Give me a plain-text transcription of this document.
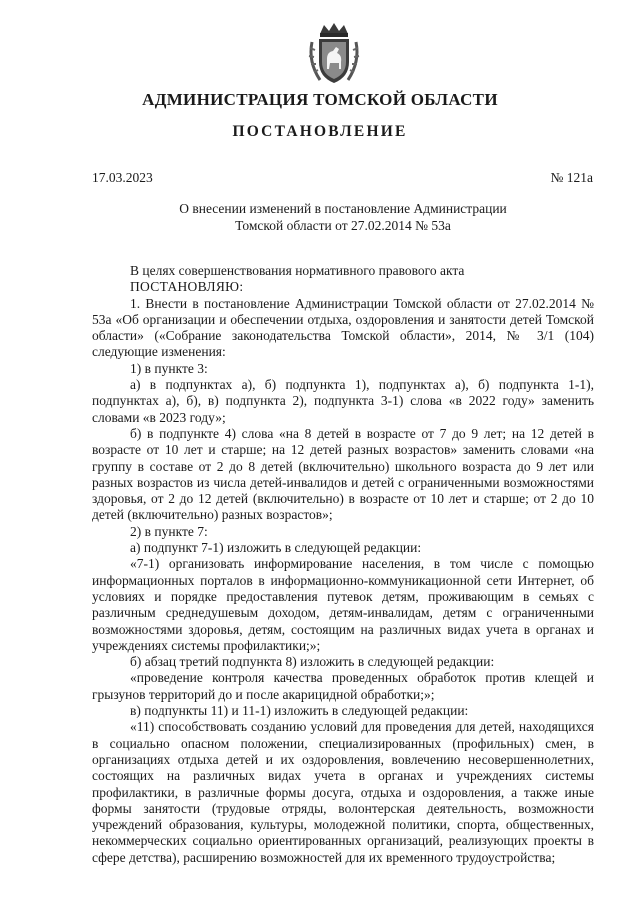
АДМИНИСТРАЦИЯ ТОМСКОЙ ОБЛАСТИ
ПОСТАНОВЛЕНИЕ
17.03.2023	№ 121а
О внесении изменений в постановление Администрации
Томской области от 27.02.2014 № 53а

В целях совершенствования нормативного правового акта

ПОСТАНОВЛЯЮ:

1. Внести в постановление Администрации Томской области от 27.02.2014 № 53а «Об организации и обеспечении отдыха, оздоровления и занятости детей Томской области» («Собрание законодательства Томской области», 2014, № 3/1 (104) следующие изменения:

1) в пункте 3:

а) в подпунктах а), б) подпункта 1), подпунктах а), б) подпункта 1-1), подпунктах а), б), в) подпункта 2), подпункта 3-1) слова «в 2022 году» заменить словами «в 2023 году»;

б) в подпункте 4) слова «на 8 детей в возрасте от 7 до 9 лет; на 12 детей в возрасте от 10 лет и старше; на 12 детей разных возрастов» заменить словами «на группу в составе от 2 до 8 детей (включительно) школьного возраста до 9 лет или разных возрастов из числа детей-инвалидов и детей с ограниченными возможностями здоровья, от 2 до 12 детей (включительно) в возрасте от 10 лет и старше; от 2 до 10 детей (включительно) разных возрастов»;

2) в пункте 7:

а) подпункт 7-1) изложить в следующей редакции:

«7-1) организовать информирование населения, в том числе с помощью информационных порталов в информационно-коммуникационной сети Интернет, об условиях и порядке предоставления путевок детям, проживающим в семьях с различным среднедушевым доходом, детям-инвалидам, детям с ограниченными возможностями здоровья, детям, состоящим на различных видах учета в органах и учреждениях системы профилактики;»;

б) абзац третий подпункта 8) изложить в следующей редакции:

«проведение контроля качества проведенных обработок против клещей и грызунов территорий до и после акарицидной обработки;»;

в) подпункты 11) и 11-1) изложить в следующей редакции:

«11) способствовать созданию условий для проведения для детей, находящихся в социально опасном положении, специализированных (профильных) смен, в организациях отдыха детей и их оздоровления, вовлечению несовершеннолетних, состоящих на различных видах учета в органах и учреждениях системы профилактики, в различные формы досуга, отдыха и оздоровления, а также иные формы занятости (трудовые отряды, волонтерская деятельность, возможности учреждений образования, культуры, молодежной политики, спорта, общественных, некоммерческих социально ориентированных организаций, реализующих проекты в сфере детства), расширению возможностей для их временного трудоустройства;
